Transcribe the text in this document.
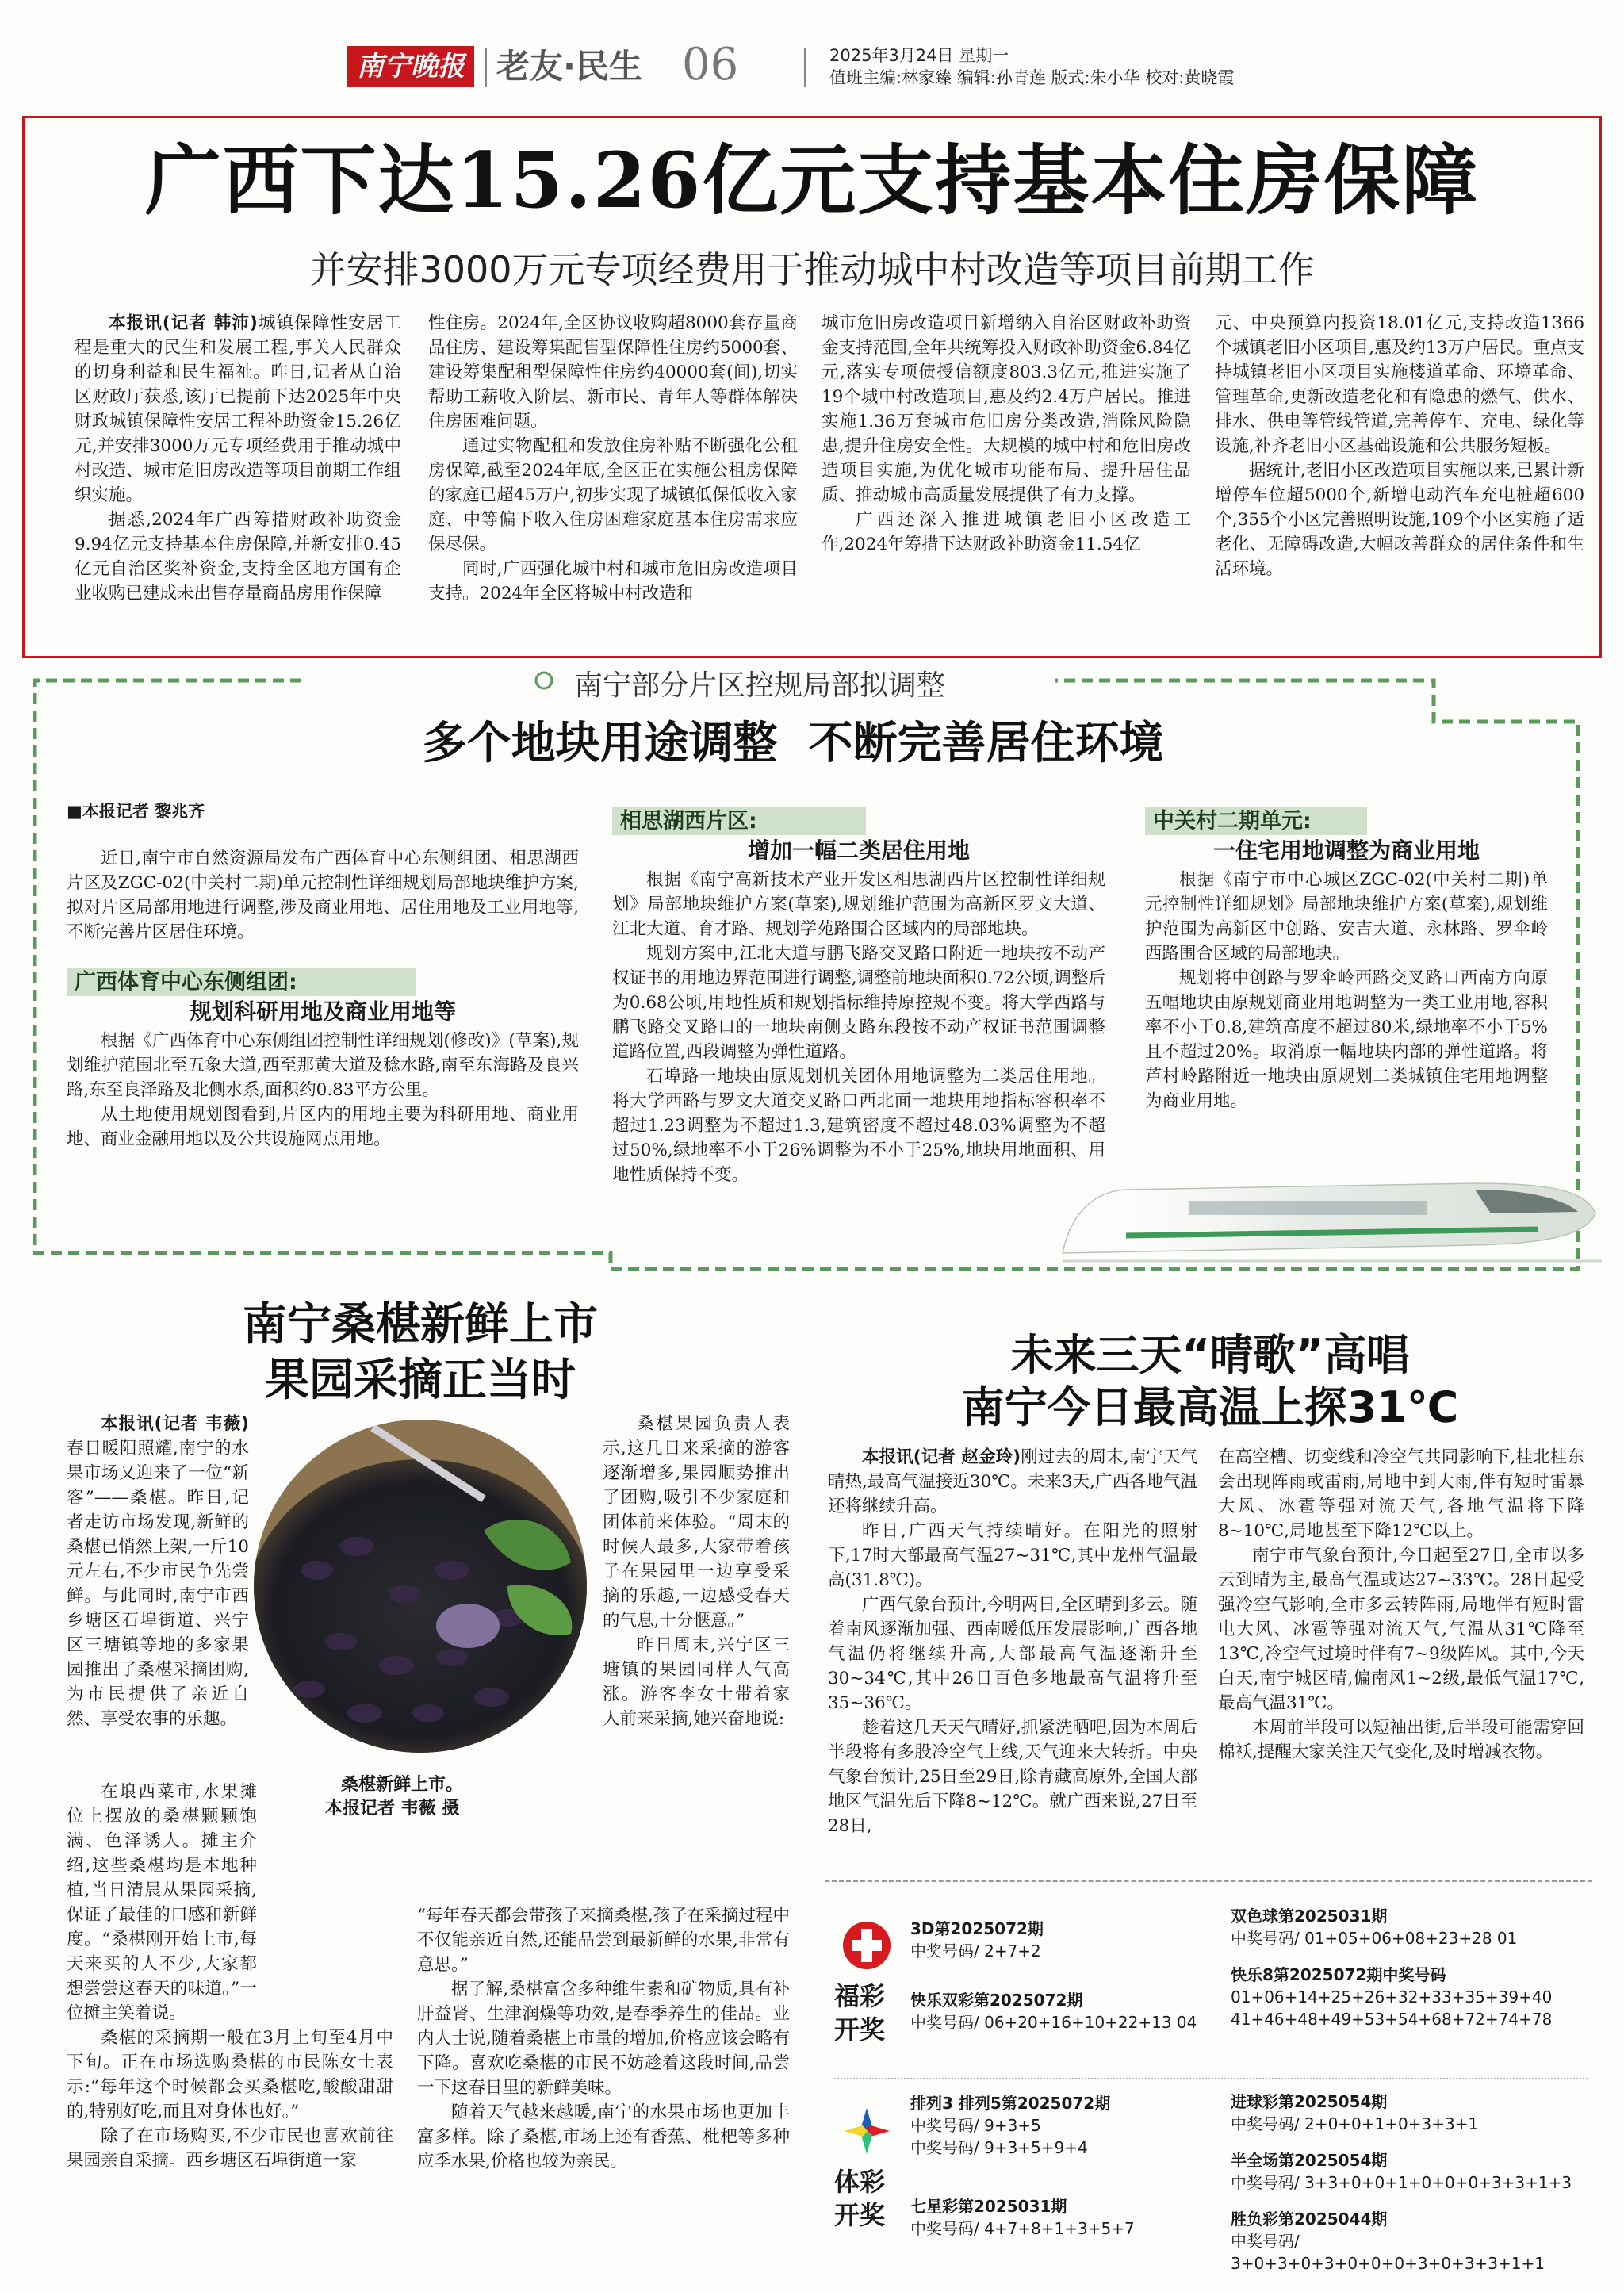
南宁晚报 老友·民生 06	2025年3月24日 星期一
值班主编:林家臻 编辑:孙青莲 版式:朱小华 校对:黄晓霞
广西下达15.26亿元支持基本住房保障
并安排3000万元专项经费用于推动城中村改造等项目前期工作

本报讯(记者 韩沛)城镇保障性安居工程是重大的民生和发展工程,事关人民群众的切身利益和民生福祉。昨日,记者从自治区财政厅获悉,该厅已提前下达2025年中央财政城镇保障性安居工程补助资金15.26亿元,并安排3000万元专项经费用于推动城中村改造、城市危旧房改造等项目前期工作组织实施。

据悉,2024年广西筹措财政补助资金9.94亿元支持基本住房保障,并新安排0.45亿元自治区奖补资金,支持全区地方国有企业收购已建成未出售存量商品房用作保障

性住房。2024年,全区协议收购超8000套存量商品住房、建设筹集配售型保障性住房约5000套、建设筹集配租型保障性住房约40000套(间),切实帮助工薪收入阶层、新市民、青年人等群体解决住房困难问题。

通过实物配租和发放住房补贴不断强化公租房保障,截至2024年底,全区正在实施公租房保障的家庭已超45万户,初步实现了城镇低保低收入家庭、中等偏下收入住房困难家庭基本住房需求应保尽保。

同时,广西强化城中村和城市危旧房改造项目支持。2024年全区将城中村改造和

城市危旧房改造项目新增纳入自治区财政补助资金支持范围,全年共统筹投入财政补助资金6.84亿元,落实专项债授信额度803.3亿元,推进实施了19个城中村改造项目,惠及约2.4万户居民。推进实施1.36万套城市危旧房分类改造,消除风险隐患,提升住房安全性。大规模的城中村和危旧房改造项目实施,为优化城市功能布局、提升居住品质、推动城市高质量发展提供了有力支撑。

广西还深入推进城镇老旧小区改造工作,2024年筹措下达财政补助资金11.54亿

元、中央预算内投资18.01亿元,支持改造1366个城镇老旧小区项目,惠及约13万户居民。重点支持城镇老旧小区项目实施楼道革命、环境革命、管理革命,更新改造老化和有隐患的燃气、供水、排水、供电等管线管道,完善停车、充电、绿化等设施,补齐老旧小区基础设施和公共服务短板。

据统计,老旧小区改造项目实施以来,已累计新增停车位超5000个,新增电动汽车充电桩超600个,355个小区完善照明设施,109个小区实施了适老化、无障碍改造,大幅改善群众的居住条件和生活环境。

南宁部分片区控规局部拟调整
多个地块用途调整  不断完善居住环境

■本报记者 黎兆齐

近日,南宁市自然资源局发布广西体育中心东侧组团、相思湖西片区及ZGC-02(中关村二期)单元控制性详细规划局部地块维护方案,拟对片区局部用地进行调整,涉及商业用地、居住用地及工业用地等,不断完善片区居住环境。

广西体育中心东侧组团:
规划科研用地及商业用地等

根据《广西体育中心东侧组团控制性详细规划(修改)》(草案),规划维护范围北至五象大道,西至那黄大道及稔水路,南至东海路及良兴路,东至良泽路及北侧水系,面积约0.83平方公里。

从土地使用规划图看到,片区内的用地主要为科研用地、商业用地、商业金融用地以及公共设施网点用地。

相思湖西片区:
增加一幅二类居住用地

根据《南宁高新技术产业开发区相思湖西片区控制性详细规划》局部地块维护方案(草案),规划维护范围为高新区罗文大道、江北大道、育才路、规划学苑路围合区域内的局部地块。

规划方案中,江北大道与鹏飞路交叉路口附近一地块按不动产权证书的用地边界范围进行调整,调整前地块面积0.72公顷,调整后为0.68公顷,用地性质和规划指标维持原控规不变。将大学西路与鹏飞路交叉路口的一地块南侧支路东段按不动产权证书范围调整道路位置,西段调整为弹性道路。

石埠路一地块由原规划机关团体用地调整为二类居住用地。将大学西路与罗文大道交叉路口西北面一地块用地指标容积率不超过1.23调整为不超过1.3,建筑密度不超过48.03%调整为不超过50%,绿地率不小于26%调整为不小于25%,地块用地面积、用地性质保持不变。

中关村二期单元:
一住宅用地调整为商业用地

根据《南宁市中心城区ZGC-02(中关村二期)单元控制性详细规划》局部地块维护方案(草案),规划维护范围为高新区中创路、安吉大道、永林路、罗伞岭西路围合区域的局部地块。

规划将中创路与罗伞岭西路交叉路口西南方向原五幅地块由原规划商业用地调整为一类工业用地,容积率不小于0.8,建筑高度不超过80米,绿地率不小于5%且不超过20%。取消原一幅地块内部的弹性道路。将芦村岭路附近一地块由原规划二类城镇住宅用地调整为商业用地。

南宁桑椹新鲜上市
果园采摘正当时
桑椹新鲜上市。
本报记者 韦薇 摄

本报讯(记者 韦薇)春日暖阳照耀,南宁的水果市场又迎来了一位“新客”——桑椹。昨日,记者走访市场发现,新鲜的桑椹已悄然上架,一斤10元左右,不少市民争先尝鲜。与此同时,南宁市西乡塘区石埠街道、兴宁区三塘镇等地的多家果园推出了桑椹采摘团购,为市民提供了亲近自然、享受农事的乐趣。

在埌西菜市,水果摊位上摆放的桑椹颗颗饱满、色泽诱人。摊主介绍,这些桑椹均是本地种植,当日清晨从果园采摘,保证了最佳的口感和新鲜度。“桑椹刚开始上市,每天来买的人不少,大家都想尝尝这春天的味道。”一位摊主笑着说。

桑椹的采摘期一般在3月上旬至4月中下旬。正在市场选购桑椹的市民陈女士表示:“每年这个时候都会买桑椹吃,酸酸甜甜的,特别好吃,而且对身体也好。”

除了在市场购买,不少市民也喜欢前往果园亲自采摘。西乡塘区石埠街道一家

桑椹果园负责人表示,这几日来采摘的游客逐渐增多,果园顺势推出了团购,吸引不少家庭和团体前来体验。“周末的时候人最多,大家带着孩子在果园里一边享受采摘的乐趣,一边感受春天的气息,十分惬意。”

昨日周末,兴宁区三塘镇的果园同样人气高涨。游客李女士带着家人前来采摘,她兴奋地说:

“每年春天都会带孩子来摘桑椹,孩子在采摘过程中不仅能亲近自然,还能品尝到最新鲜的水果,非常有意思。”

据了解,桑椹富含多种维生素和矿物质,具有补肝益肾、生津润燥等功效,是春季养生的佳品。业内人士说,随着桑椹上市量的增加,价格应该会略有下降。喜欢吃桑椹的市民不妨趁着这段时间,品尝一下这春日里的新鲜美味。

随着天气越来越暖,南宁的水果市场也更加丰富多样。除了桑椹,市场上还有香蕉、枇杷等多种应季水果,价格也较为亲民。

未来三天“晴歌”高唱
南宁今日最高温上探31℃

本报讯(记者 赵金玲)刚过去的周末,南宁天气晴热,最高气温接近30℃。未来3天,广西各地气温还将继续升高。

昨日,广西天气持续晴好。在阳光的照射下,17时大部最高气温27~31℃,其中龙州气温最高(31.8℃)。

广西气象台预计,今明两日,全区晴到多云。随着南风逐渐加强、西南暖低压发展影响,广西各地气温仍将继续升高,大部最高气温逐渐升至30~34℃,其中26日百色多地最高气温将升至35~36℃。

趁着这几天天气晴好,抓紧洗晒吧,因为本周后半段将有多股冷空气上线,天气迎来大转折。中央气象台预计,25日至29日,除青藏高原外,全国大部地区气温先后下降8~12℃。就广西来说,27日至28日,

在高空槽、切变线和冷空气共同影响下,桂北桂东会出现阵雨或雷雨,局地中到大雨,伴有短时雷暴大风、冰雹等强对流天气,各地气温将下降8~10℃,局地甚至下降12℃以上。

南宁市气象台预计,今日起至27日,全市以多云到晴为主,最高气温或达27~33℃。28日起受强冷空气影响,全市多云转阵雨,局地伴有短时雷电大风、冰雹等强对流天气,气温从31℃降至13℃,冷空气过境时伴有7~9级阵风。其中,今天白天,南宁城区晴,偏南风1~2级,最低气温17℃,最高气温31℃。

本周前半段可以短袖出街,后半段可能需穿回棉袄,提醒大家关注天气变化,及时增减衣物。

福彩
开奖
3D第2025072期
中奖号码/ 2+7+2
快乐双彩第2025072期
中奖号码/ 06+20+16+10+22+13 04
双色球第2025031期
中奖号码/ 01+05+06+08+23+28 01
快乐8第2025072期中奖号码
01+06+14+25+26+32+33+35+39+40
41+46+48+49+53+54+68+72+74+78
体彩
开奖
排列3 排列5第2025072期
中奖号码/ 9+3+5
中奖号码/ 9+3+5+9+4
七星彩第2025031期
中奖号码/ 4+7+8+1+3+5+7
进球彩第2025054期
中奖号码/ 2+0+0+1+0+3+3+1
半全场第2025054期
中奖号码/ 3+3+0+0+1+0+0+0+3+3+1+3
胜负彩第2025044期
中奖号码/ 3+0+3+0+3+0+0+0+3+0+3+3+1+1
